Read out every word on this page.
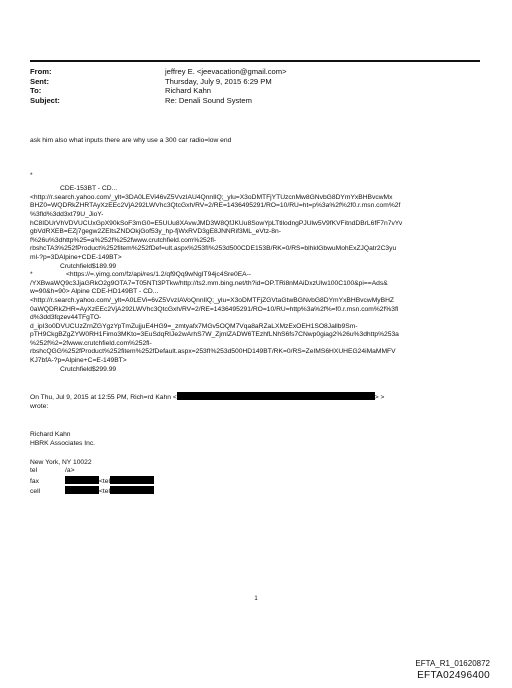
From:	jeffrey E. <jeevacation@gmail.com>
Sent:	Thursday, July 9, 2015 6:29 PM
To:	Richard Kahn
Subject:	Re: Denali Sound System

ask him also what inputs there are why use a 300 car radio=low end

*

CDE-153BT - CD...

<http://r.search.yahoo.com/_ylt=3DA0LEVi46vZ5VvzIAU4QnnIlQ;_ylu=X3oDMTFjYTUzcnMw8GNvbG8DYmYxBHBvcwMx
BHZ0=WQDRkZHRTAyXzEEc2VjA292LWVhc3QtcGxh/RV=2/RE=1436495291/RO=10/RU=ht=p%3a%2f%2f0.r.msn.com%2f
%3fld%3dd3xt79U_JioY-
hC8IDUrVhVDVUCUxGpX90kSoF3mG0=E5UUu8XAvwJMD3W8QfJKUu8SowYpLTtllodngPJUlw5V9fKVFitndDBrL6fF7n7vYv
gbVdRXEB=EZj7gegw2ZEltsZNDOkjGof53y_hp-fjWxRVD3gE8JNNRif3ML_eVtz-8n-
f%26u%3dhttp%25=a%252f%252fwww.crutchfield.com%252fl-
rbshcTA3%252fProduct%252fitem%252fDef=ult.aspx%253fI%253d500CDE153B/RK=0/RS=blhklGbwuMohExZJQatr2C3yu
ml-?p=3DAlpine+CDE-149BT>

Crutchfield$189.99

*	<https://=.yimg.com/fz/api/res/1.2/qf9Qq9wNgIT94jc4Sre0EA--

/YXBwaWQ9c3JjaGRkO2g9OTA7=T05NTt3PTkw/http://ts2.mm.bing.net/th?id=OP.TRi8nMAiDxzUlw100C100&pi==Ads&
w=90&h=90> Alpine CDE-HD149BT - CD...
<http://r.search.yahoo.com/_ylt=A0LEVi=6vZ5VvzIAVoQnnIlQ;_ylu=X3oDMTFjZGVtaGtwBGNvbG8DYmYxBHBvcwMyBHZ
0aWQDRkZHR=AyXzEEc2VjA292LWVhc3QtcGxh/RV=2/RE=1436495291/RO=10/RU=http%3a%2f%=f0.r.msn.com%2f%3fl
d%3dd3fqzev44TFgTO-
d_ipI3o0DVUCUzZrnZGYgzYpTmZujjuE4HG9=_zmtyafx7MGv5OQM7Vqa8aRZaLXMzExOEH1SO8Jallb9Sm-
pTH9CkgBZgZYW0RH1Fimo3MKto=3EuSdqRIJe2wArhS7W_ZjmlZADW6TEzhfLNhS6fs7CNwp0giag2%26u%3dhttp%253a
%252f%2=2fwww.crutchfield.com%252fl-
rbshcQGG%252fProduct%252fitem%252fDefault.aspx=253fI%253d500HD149BT/RK=0/RS=ZeIMS6HXUHEG24iMaMMFV
KJ7bfA-?p=Alpine+C=E-149BT>

Crutchfield$299.99

On Thu, Jul 9, 2015 at 12:55 PM, Rich=rd Kahn <	> >

wrote:

Richard Kahn

HBRK Associates Inc.

New York, NY 10022

tel	/a>

fax	<tel

cell	<tel

1
EFTA_R1_01620872
EFTA02496400
